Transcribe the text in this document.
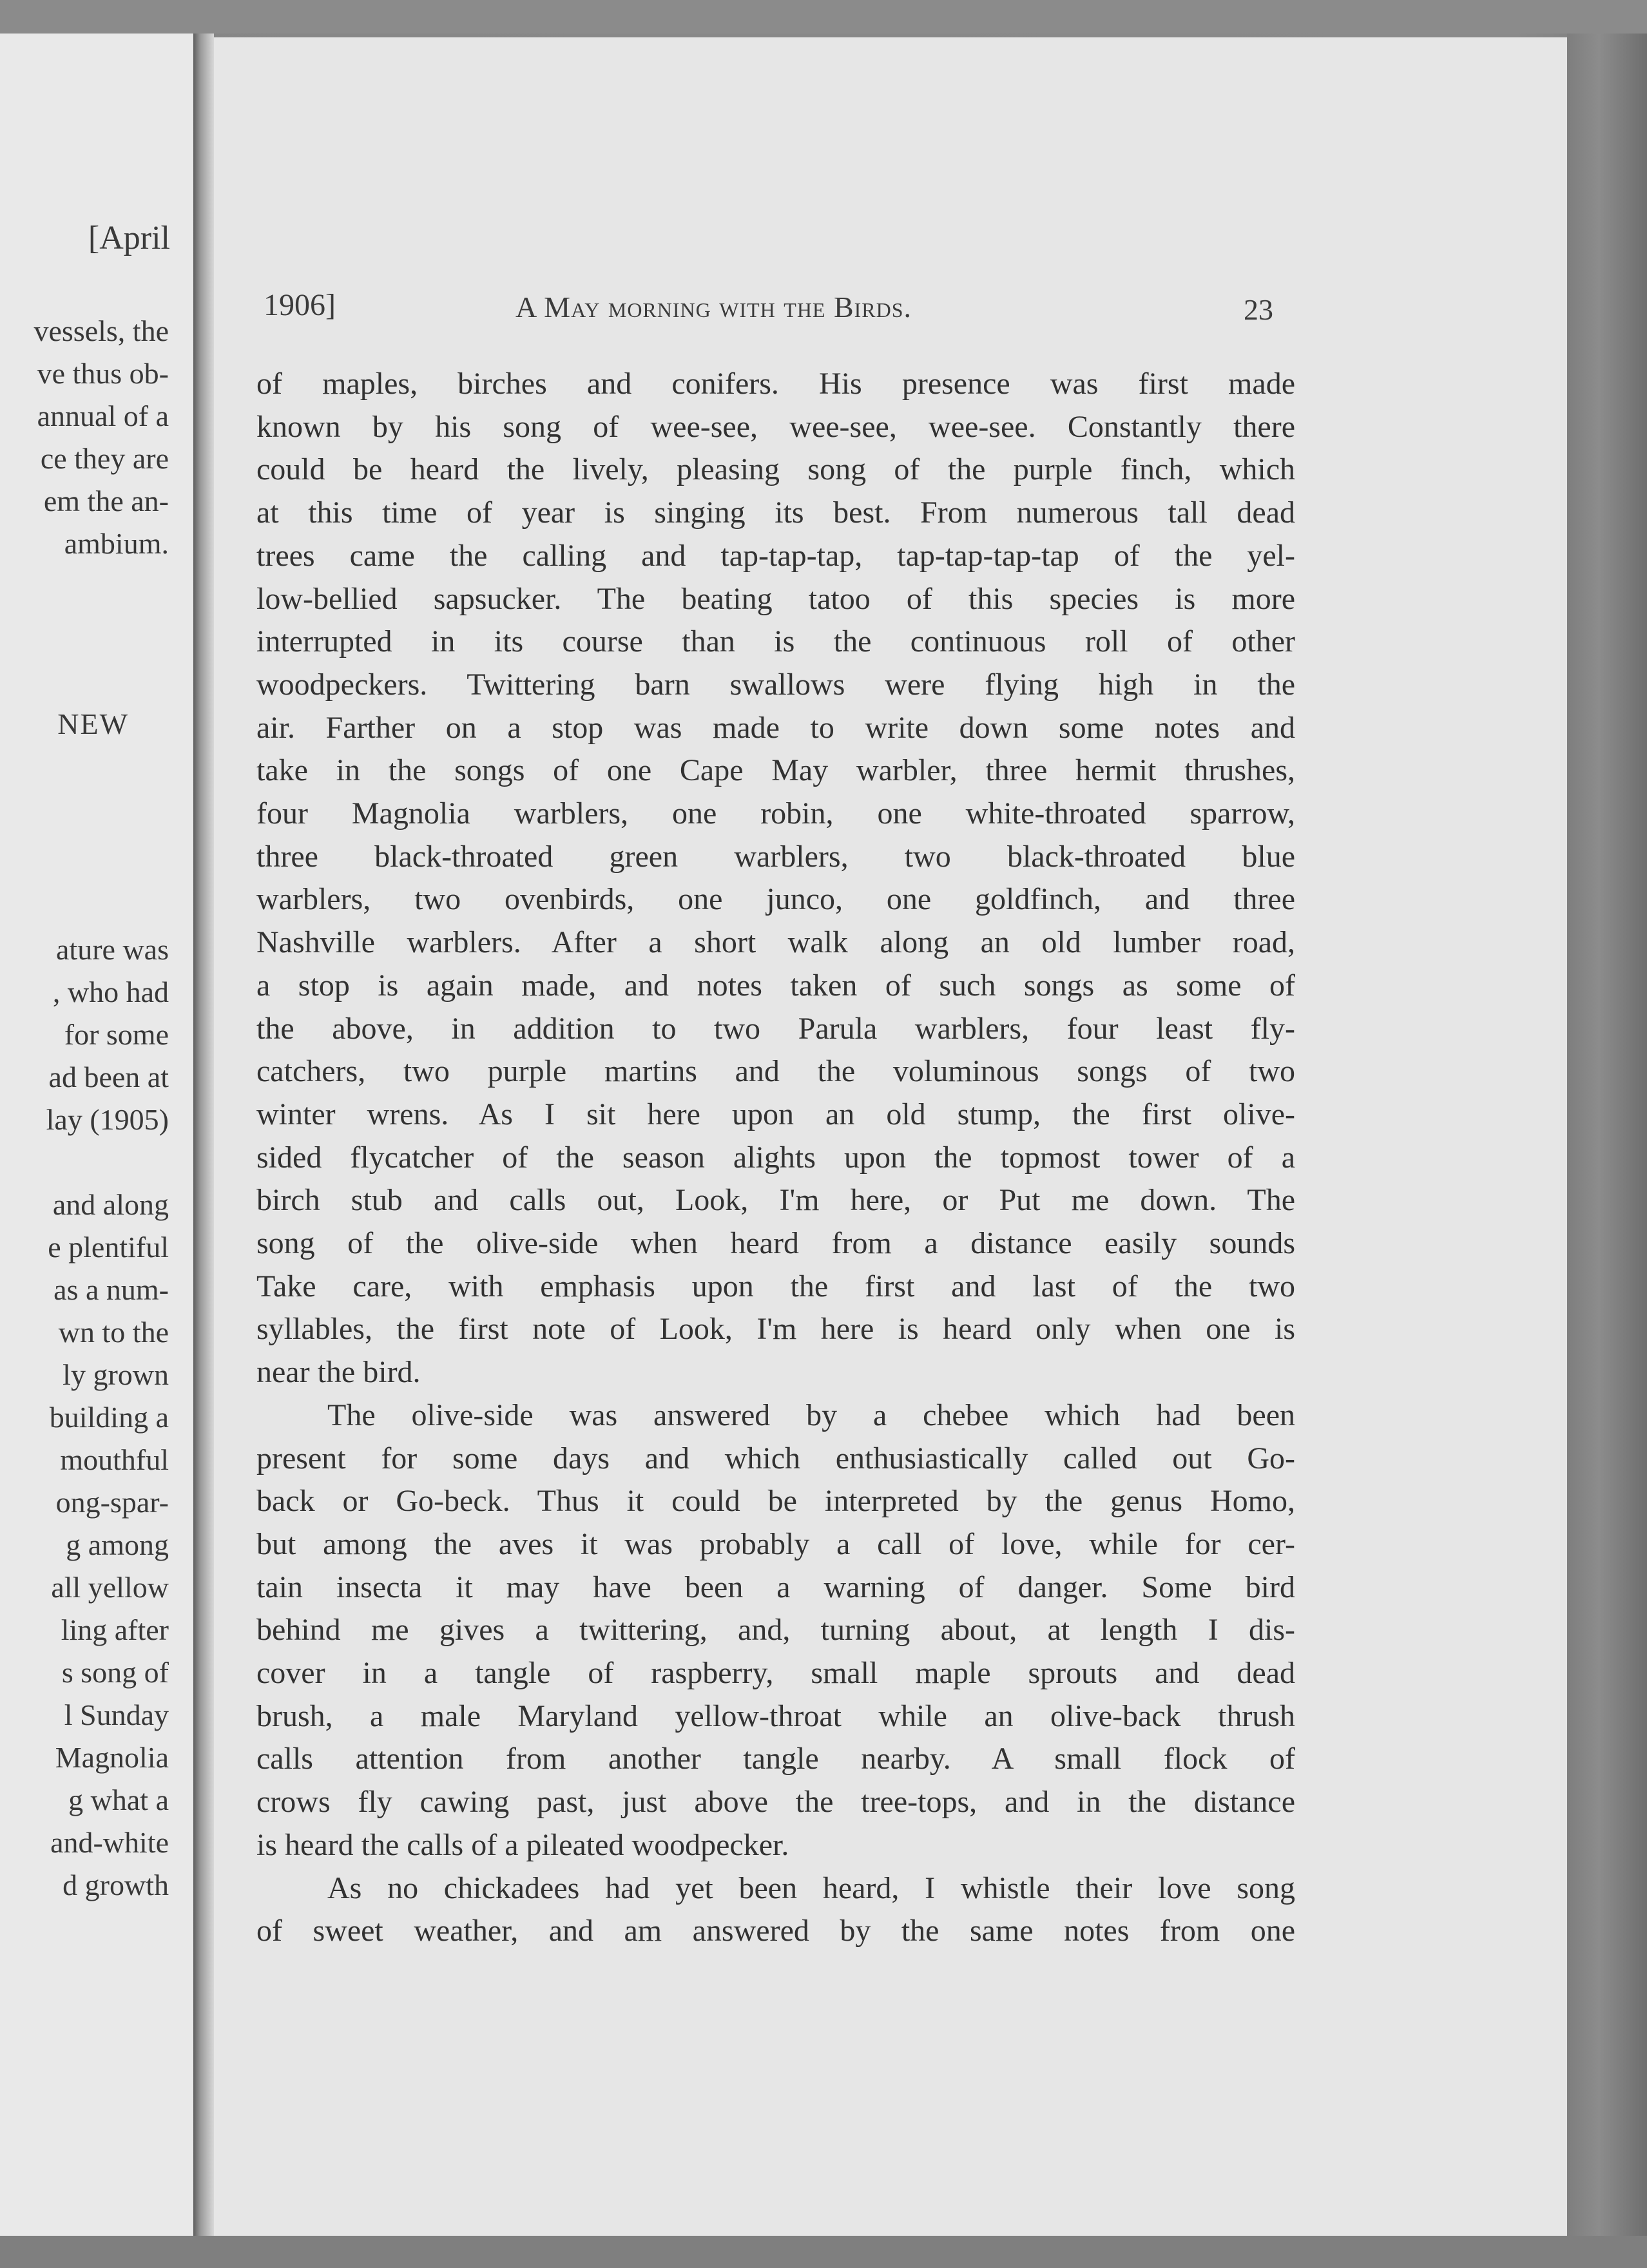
[April
vessels, the
ve thus ob-
annual of a
ce they are
em the an-
ambium.
NEW
ature was
, who had
for some
ad been at
lay (1905)
and along
e plentiful
as a num-
wn to the
ly grown
building a
mouthful
ong-spar-
g among
all yellow
ling after
s song of
l Sunday
Magnolia
g what a
and-white
d growth
1906]	A May morning with the Birds.	23
of maples, birches and conifers. His presence was first made
known by his song of wee-see, wee-see, wee-see. Constantly there
could be heard the lively, pleasing song of the purple finch, which
at this time of year is singing its best. From numerous tall dead
trees came the calling and tap-tap-tap, tap-tap-tap-tap of the yel-
low-bellied sapsucker. The beating tatoo of this species is more
interrupted in its course than is the continuous roll of other
woodpeckers. Twittering barn swallows were flying high in the
air. Farther on a stop was made to write down some notes and
take in the songs of one Cape May warbler, three hermit thrushes,
four Magnolia warblers, one robin, one white-throated sparrow,
three black-throated green warblers, two black-throated blue
warblers, two ovenbirds, one junco, one goldfinch, and three
Nashville warblers. After a short walk along an old lumber road,
a stop is again made, and notes taken of such songs as some of
the above, in addition to two Parula warblers, four least fly-
catchers, two purple martins and the voluminous songs of two
winter wrens. As I sit here upon an old stump, the first olive-
sided flycatcher of the season alights upon the topmost tower of a
birch stub and calls out, Look, I'm here, or Put me down. The
song of the olive-side when heard from a distance easily sounds
Take care, with emphasis upon the first and last of the two
syllables, the first note of Look, I'm here is heard only when one is
near the bird.
The olive-side was answered by a chebee which had been
present for some days and which enthusiastically called out Go-
back or Go-beck. Thus it could be interpreted by the genus Homo,
but among the aves it was probably a call of love, while for cer-
tain insecta it may have been a warning of danger. Some bird
behind me gives a twittering, and, turning about, at length I dis-
cover in a tangle of raspberry, small maple sprouts and dead
brush, a male Maryland yellow-throat while an olive-back thrush
calls attention from another tangle nearby. A small flock of
crows fly cawing past, just above the tree-tops, and in the distance
is heard the calls of a pileated woodpecker.
As no chickadees had yet been heard, I whistle their love song
of sweet weather, and am answered by the same notes from one
